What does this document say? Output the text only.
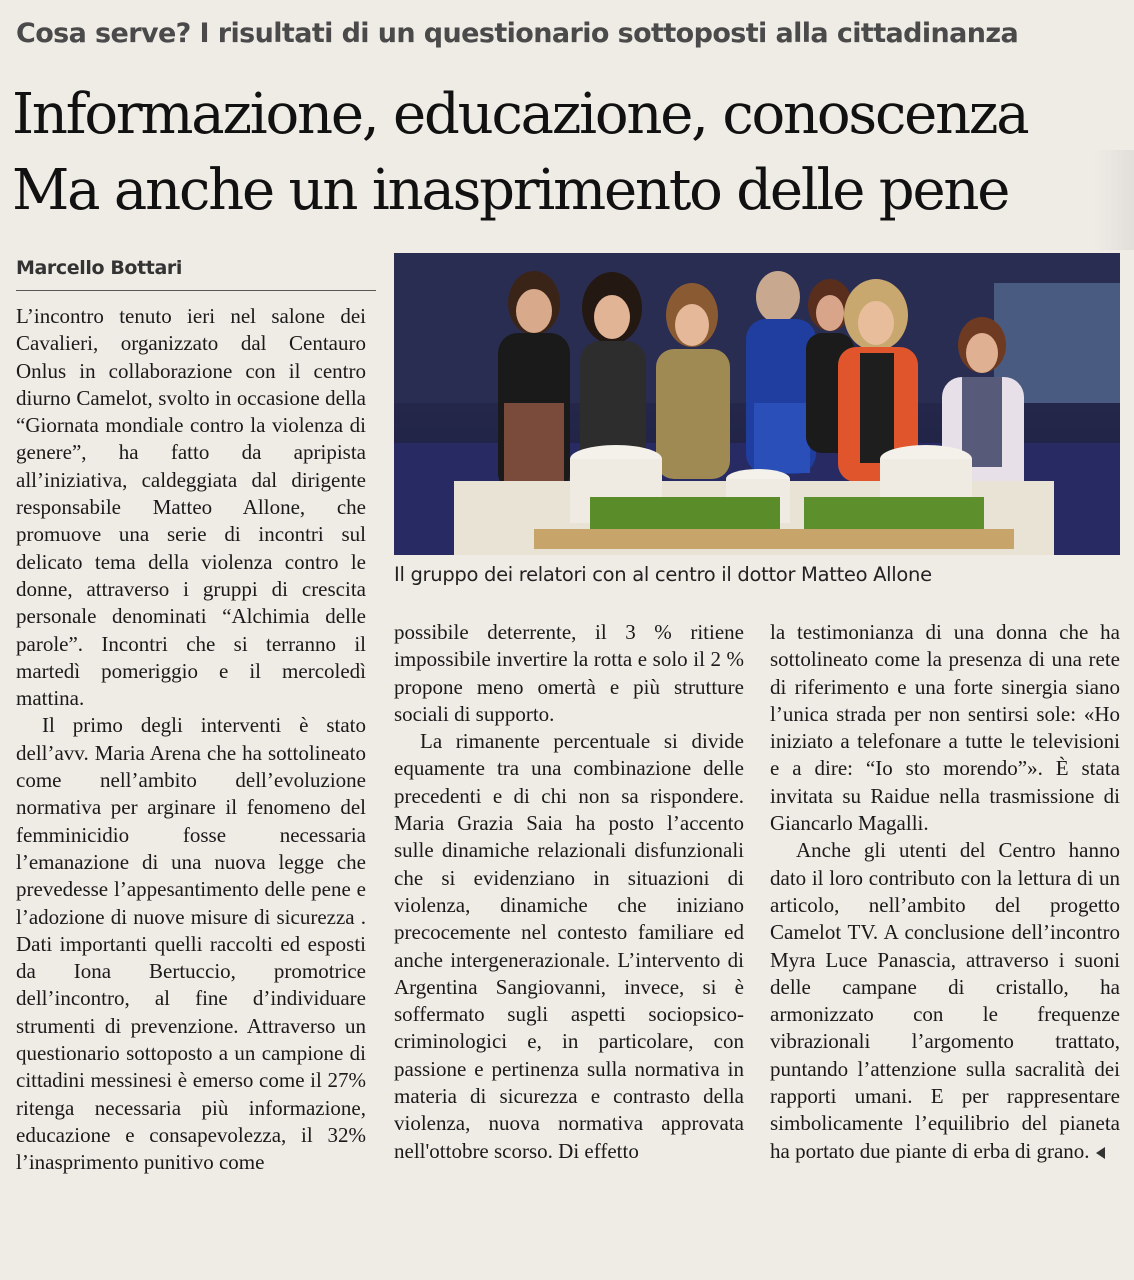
Cosa serve? I risultati di un questionario sottoposti alla cittadinanza
Informazione, educazione, conoscenza
Ma anche un inasprimento delle pene
Marcello Bottari

L’incontro tenuto ieri nel salone dei Cavalieri, organizzato dal Centauro Onlus in collaborazione con il centro diurno Camelot, svolto in occasione della “Giornata mondiale contro la violenza di genere”, ha fatto da apripista all’iniziativa, caldeggiata dal dirigente responsabile Matteo Allone, che promuove una serie di incontri sul delicato tema della violenza contro le donne, attraverso i gruppi di crescita personale denominati “Alchimia delle parole”. Incontri che si terranno il martedì pomeriggio e il mercoledì mattina.

Il primo degli interventi è stato dell’avv. Maria Arena che ha sottolineato come nell’ambito dell’evoluzione normativa per arginare il fenomeno del femminicidio fosse necessaria l’emanazione di una nuova legge che prevedesse l’appesantimento delle pene e l’adozione di nuove misure di sicurezza . Dati importanti quelli raccolti ed esposti da Iona Bertuccio, promotrice dell’incontro, al fine d’individuare strumenti di prevenzione. Attraverso un questionario sottoposto a un campione di cittadini messinesi è emerso come il 27% ritenga necessaria più informazione, educazione e consapevolezza, il 32% l’inasprimento punitivo come

Il gruppo dei relatori con al centro il dottor Matteo Allone

possibile deterrente, il 3 % ritiene impossibile invertire la rotta e solo il 2 % propone meno omertà e più strutture sociali di supporto.

La rimanente percentuale si divide equamente tra una combinazione delle precedenti e di chi non sa rispondere. Maria Grazia Saia ha posto l’accento sulle dinamiche relazionali disfunzionali che si evidenziano in situazioni di violenza, dinamiche che iniziano precocemente nel contesto familiare ed anche intergenerazionale. L’intervento di Argentina Sangiovanni, invece, si è soffermato sugli aspetti sociopsico-criminologici e, in particolare, con passione e pertinenza sulla normativa in materia di sicurezza e contrasto della violenza, nuova normativa approvata nell'ottobre scorso. Di effetto

la testimonianza di una donna che ha sottolineato come la presenza di una rete di riferimento e una forte sinergia siano l’unica strada per non sentirsi sole: «Ho iniziato a telefonare a tutte le televisioni e a dire: “Io sto morendo”». È stata invitata su Raidue nella trasmissione di Giancarlo Magalli.

Anche gli utenti del Centro hanno dato il loro contributo con la lettura di un articolo, nell’ambito del progetto Camelot TV. A conclusione dell’incontro Myra Luce Panascia, attraverso i suoni delle campane di cristallo, ha armonizzato con le frequenze vibrazionali l’argomento trattato, puntando l’attenzione sulla sacralità dei rapporti umani. E per rappresentare simbolicamente l’equilibrio del pianeta ha portato due piante di erba di grano.
